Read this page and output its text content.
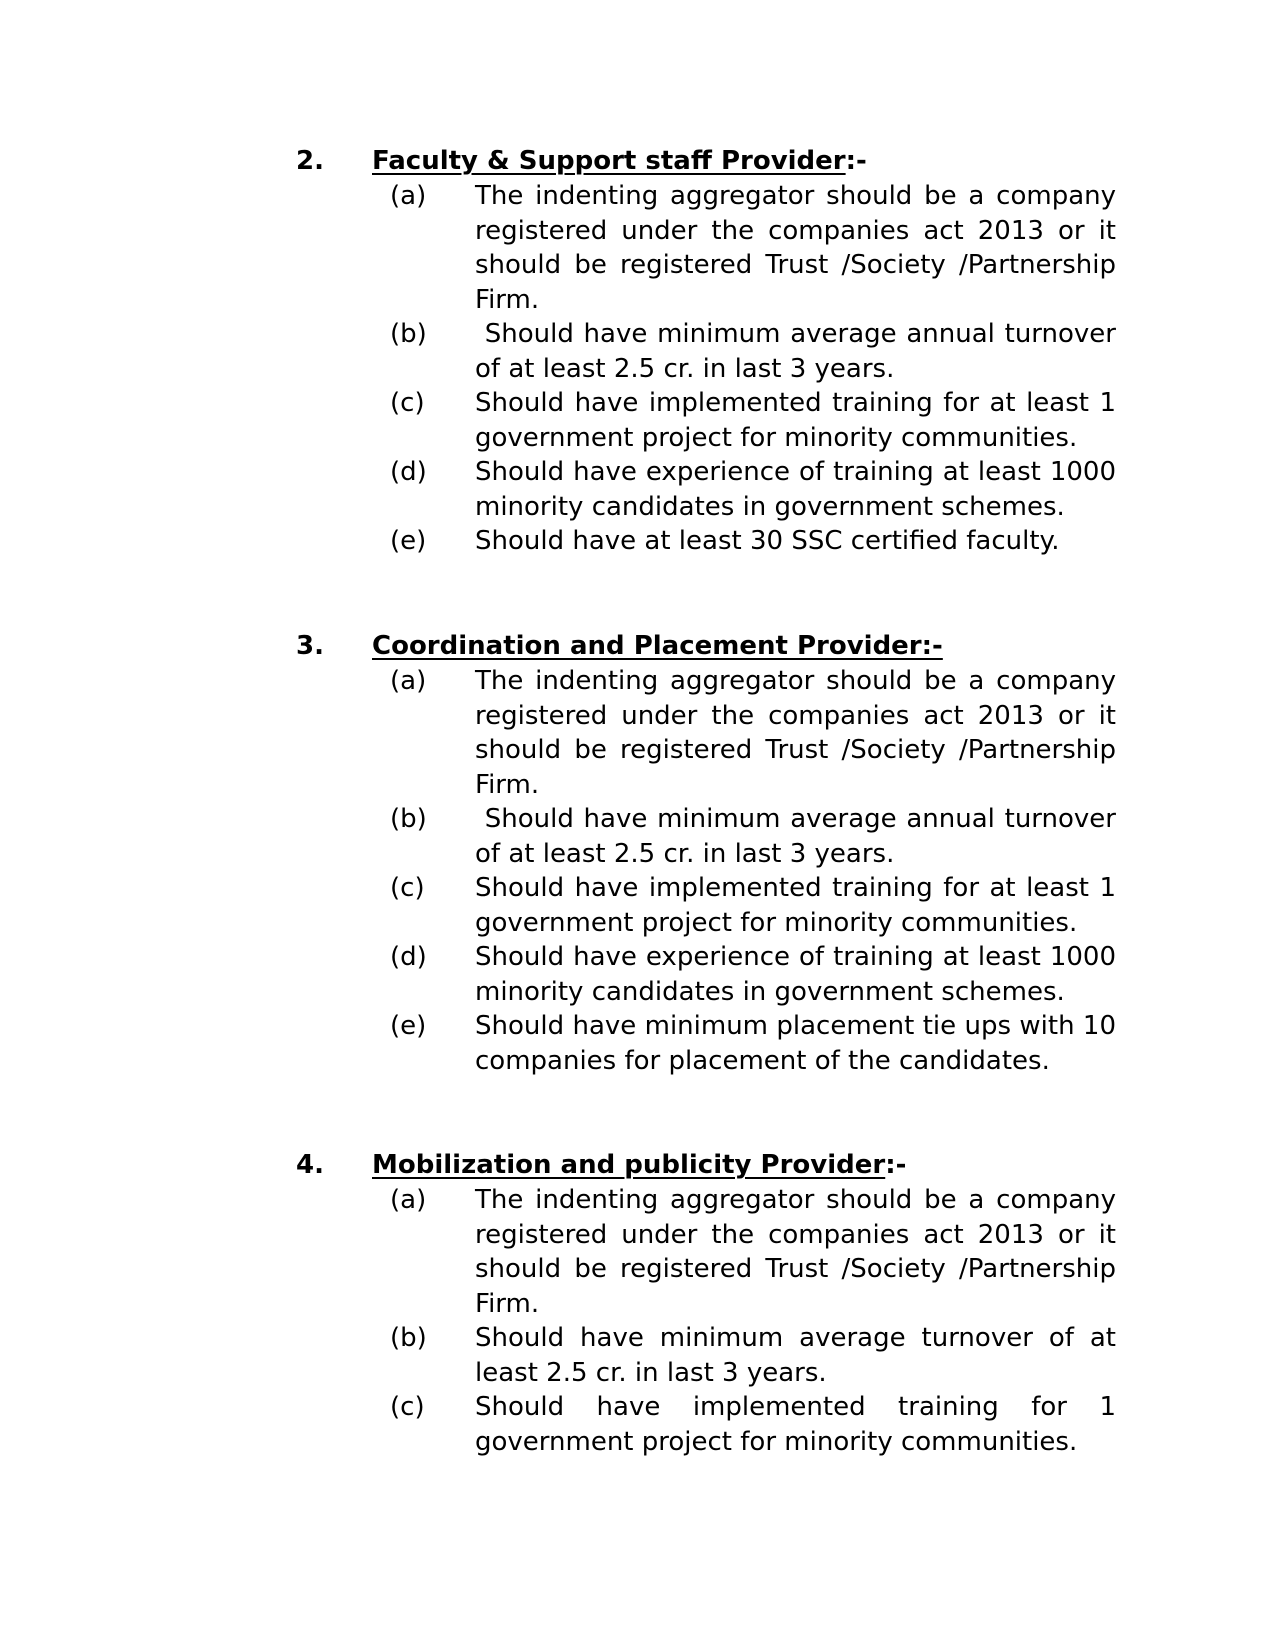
2. Faculty & Support staff Provider:-
(a) The indenting aggregator should be a company registered under the companies act 2013 or it should be registered Trust /Society /Partnership Firm.
(b) Should have minimum average annual turnover of at least 2.5 cr. in last 3 years.
(c) Should have implemented training for at least 1 government project for minority communities.
(d) Should have experience of training at least 1000 minority candidates in government schemes.
(e) Should have at least 30 SSC certified faculty.
3. Coordination and Placement Provider:-
(a) The indenting aggregator should be a company registered under the companies act 2013 or it should be registered Trust /Society /Partnership Firm.
(b) Should have minimum average annual turnover of at least 2.5 cr. in last 3 years.
(c) Should have implemented training for at least 1 government project for minority communities.
(d) Should have experience of training at least 1000 minority candidates in government schemes.
(e) Should have minimum placement tie ups with 10 companies for placement of the candidates.
4. Mobilization and publicity Provider:-
(a) The indenting aggregator should be a company registered under the companies act 2013 or it should be registered Trust /Society /Partnership Firm.
(b) Should have minimum average turnover of at least 2.5 cr. in last 3 years.
(c) Should have implemented training for 1 government project for minority communities.
